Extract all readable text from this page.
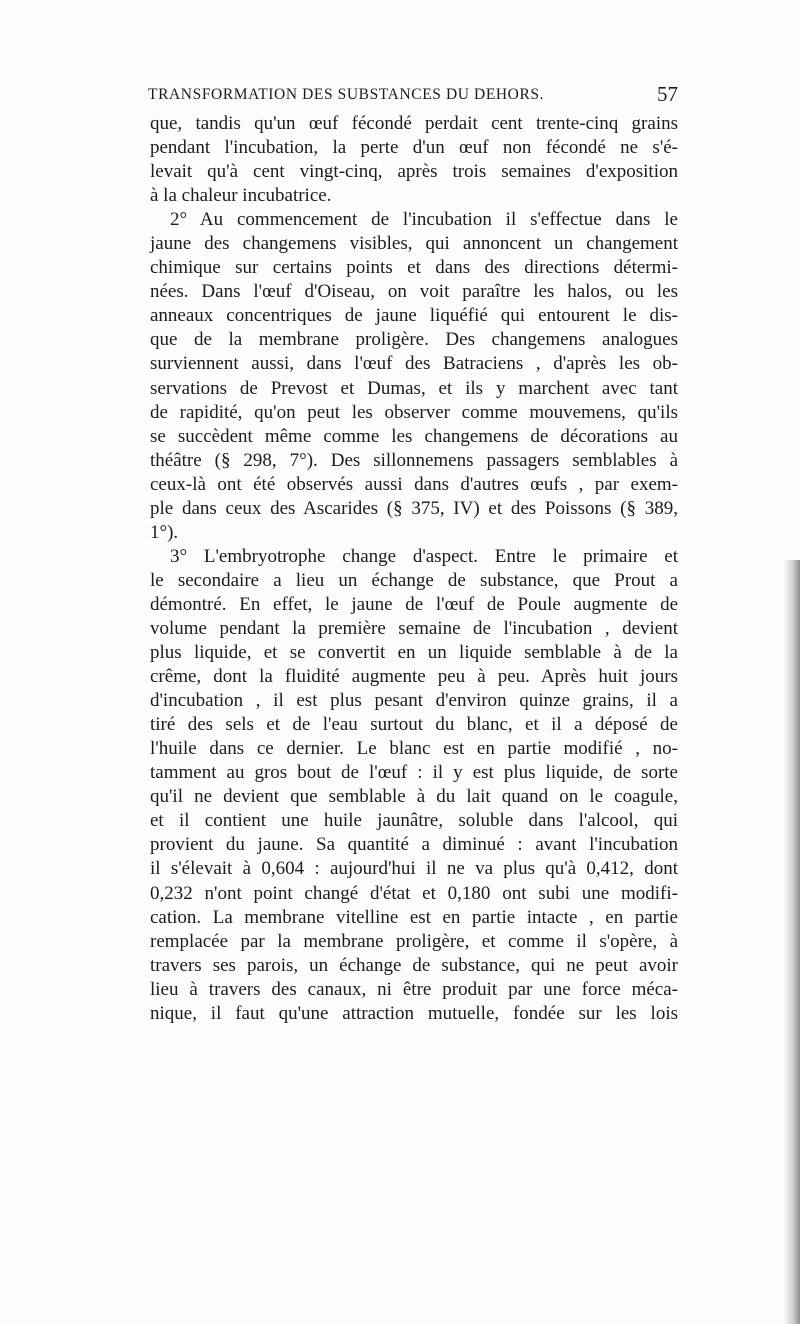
TRANSFORMATION DES SUBSTANCES DU DEHORS.	57

que, tandis qu'un œuf fécondé perdait cent trente-cinq grains

pendant l'incubation, la perte d'un œuf non fécondé ne s'é-

levait qu'à cent vingt-cinq, après trois semaines d'exposition

à la chaleur incubatrice.

2° Au commencement de l'incubation il s'effectue dans le

jaune des changemens visibles, qui annoncent un changement

chimique sur certains points et dans des directions détermi-

nées. Dans l'œuf d'Oiseau, on voit paraître les halos, ou les

anneaux concentriques de jaune liquéfié qui entourent le dis-

que de la membrane proligère. Des changemens analogues

surviennent aussi, dans l'œuf des Batraciens , d'après les ob-

servations de Prevost et Dumas, et ils y marchent avec tant

de rapidité, qu'on peut les observer comme mouvemens, qu'ils

se succèdent même comme les changemens de décorations au

théâtre (§ 298, 7°). Des sillonnemens passagers semblables à

ceux-là ont été observés aussi dans d'autres œufs , par exem-

ple dans ceux des Ascarides (§ 375, IV) et des Poissons (§ 389,

1°).

3° L'embryotrophe change d'aspect. Entre le primaire et

le secondaire a lieu un échange de substance, que Prout a

démontré. En effet, le jaune de l'œuf de Poule augmente de

volume pendant la première semaine de l'incubation , devient

plus liquide, et se convertit en un liquide semblable à de la

crême, dont la fluidité augmente peu à peu. Après huit jours

d'incubation , il est plus pesant d'environ quinze grains, il a

tiré des sels et de l'eau surtout du blanc, et il a déposé de

l'huile dans ce dernier. Le blanc est en partie modifié , no-

tamment au gros bout de l'œuf : il y est plus liquide, de sorte

qu'il ne devient que semblable à du lait quand on le coagule,

et il contient une huile jaunâtre, soluble dans l'alcool, qui

provient du jaune. Sa quantité a diminué : avant l'incubation

il s'élevait à 0,604 : aujourd'hui il ne va plus qu'à 0,412, dont

0,232 n'ont point changé d'état et 0,180 ont subi une modifi-

cation. La membrane vitelline est en partie intacte , en partie

remplacée par la membrane proligère, et comme il s'opère, à

travers ses parois, un échange de substance, qui ne peut avoir

lieu à travers des canaux, ni être produit par une force méca-

nique, il faut qu'une attraction mutuelle, fondée sur les lois
